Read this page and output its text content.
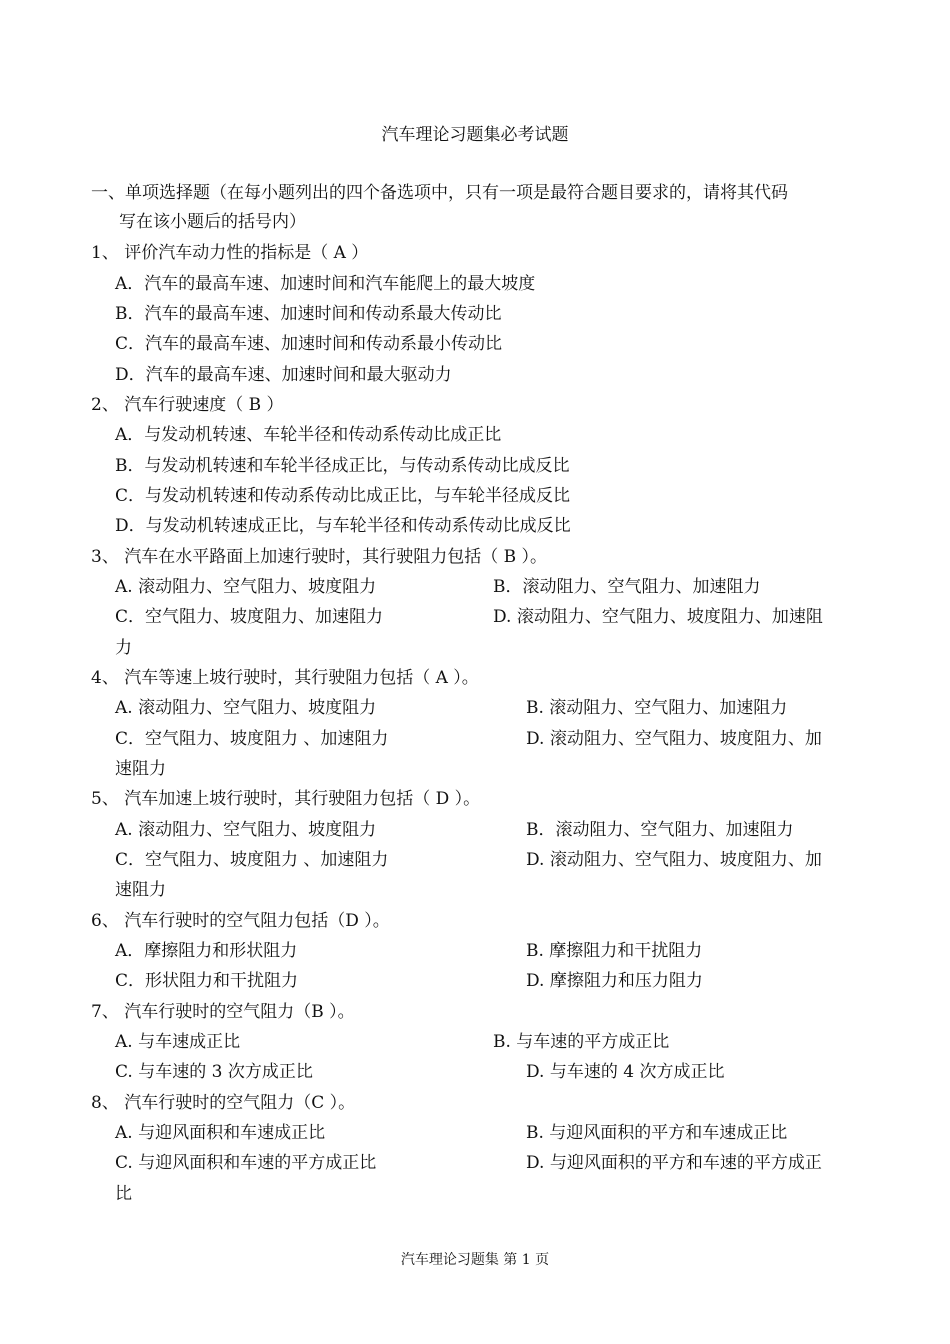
汽车理论习题集必考试题
一、单项选择题（在每小题列出的四个备选项中，只有一项是最符合题目要求的，请将其代码
写在该小题后的括号内）
1、 评价汽车动力性的指标是（ A ）
A．汽车的最高车速、加速时间和汽车能爬上的最大坡度
B．汽车的最高车速、加速时间和传动系最大传动比
C．汽车的最高车速、加速时间和传动系最小传动比
D．汽车的最高车速、加速时间和最大驱动力
2、 汽车行驶速度（ B ）
A．与发动机转速、车轮半径和传动系传动比成正比
B．与发动机转速和车轮半径成正比，与传动系传动比成反比
C．与发动机转速和传动系传动比成正比，与车轮半径成反比
D．与发动机转速成正比，与车轮半径和传动系传动比成反比
3、 汽车在水平路面上加速行驶时，其行驶阻力包括（ B ）。
A. 滚动阻力、空气阻力、坡度阻力	B．滚动阻力、空气阻力、加速阻力
C．空气阻力、坡度阻力、加速阻力	D. 滚动阻力、空气阻力、坡度阻力、加速阻
力
4、 汽车等速上坡行驶时，其行驶阻力包括（ A ）。
A. 滚动阻力、空气阻力、坡度阻力	B. 滚动阻力、空气阻力、加速阻力
C．空气阻力、坡度阻力 、加速阻力	D. 滚动阻力、空气阻力、坡度阻力、加
速阻力
5、 汽车加速上坡行驶时，其行驶阻力包括（ D ）。
A. 滚动阻力、空气阻力、坡度阻力	B．滚动阻力、空气阻力、加速阻力
C．空气阻力、坡度阻力 、加速阻力	D. 滚动阻力、空气阻力、坡度阻力、加
速阻力
6、 汽车行驶时的空气阻力包括（D ）。
A．摩擦阻力和形状阻力	B. 摩擦阻力和干扰阻力
C．形状阻力和干扰阻力	D. 摩擦阻力和压力阻力
7、 汽车行驶时的空气阻力（B ）。
A. 与车速成正比	B. 与车速的平方成正比
C. 与车速的 3 次方成正比	D. 与车速的 4 次方成正比
8、 汽车行驶时的空气阻力（C ）。
A. 与迎风面积和车速成正比	B. 与迎风面积的平方和车速成正比
C. 与迎风面积和车速的平方成正比	D. 与迎风面积的平方和车速的平方成正
比
汽车理论习题集 第 1 页
